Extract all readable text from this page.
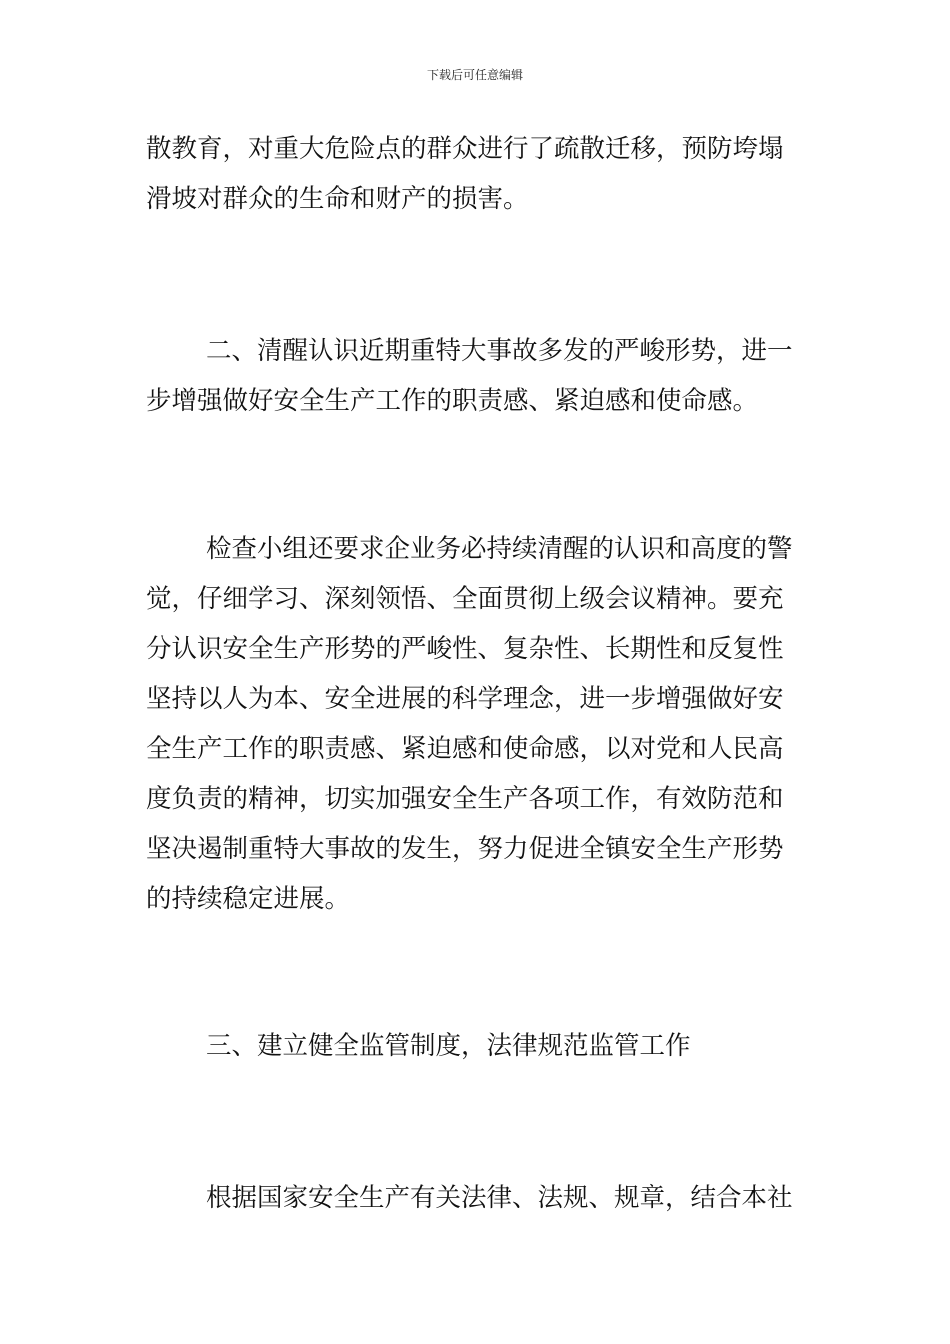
下载后可任意编辑
散教育，对重大危险点的群众进行了疏散迁移，预防垮塌
滑坡对群众的生命和财产的损害。
二、清醒认识近期重特大事故多发的严峻形势，进一
步增强做好安全生产工作的职责感、紧迫感和使命感。
检查小组还要求企业务必持续清醒的认识和高度的警
觉，仔细学习、深刻领悟、全面贯彻上级会议精神。要充
分认识安全生产形势的严峻性、复杂性、长期性和反复性
坚持以人为本、安全进展的科学理念，进一步增强做好安
全生产工作的职责感、紧迫感和使命感，以对党和人民高
度负责的精神，切实加强安全生产各项工作，有效防范和
坚决遏制重特大事故的发生，努力促进全镇安全生产形势
的持续稳定进展。
三、建立健全监管制度，法律规范监管工作
根据国家安全生产有关法律、法规、规章，结合本社
